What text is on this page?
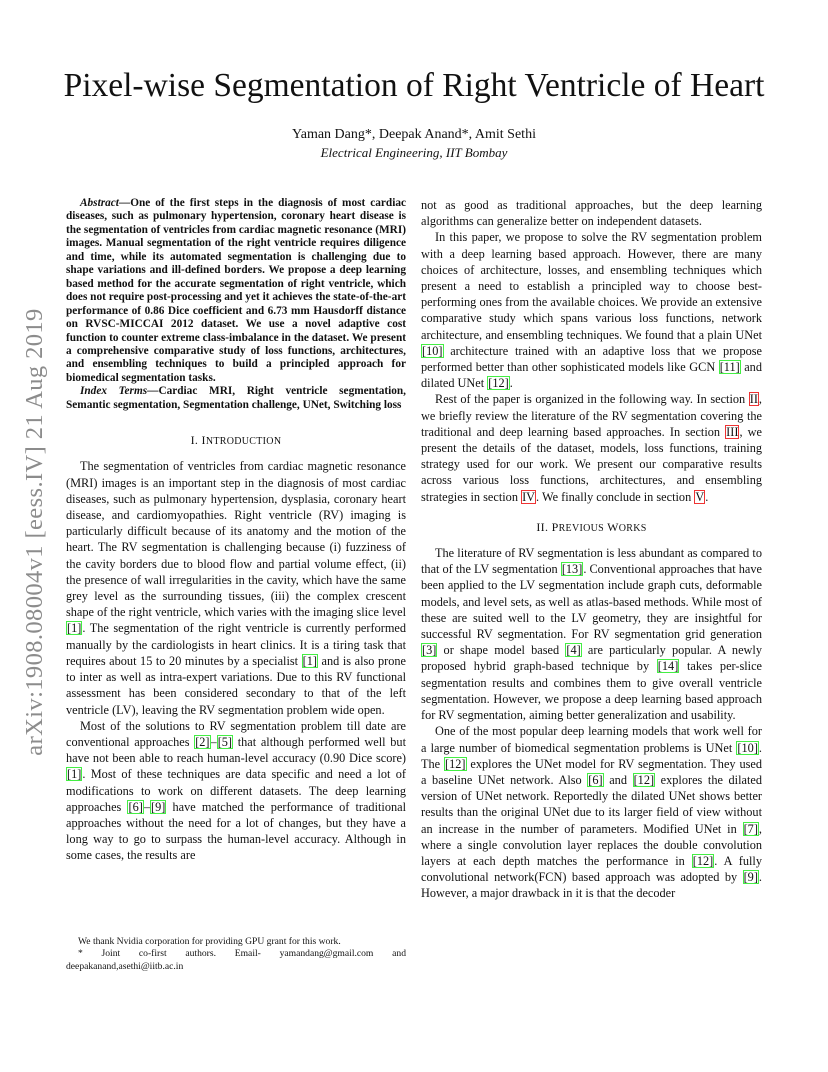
arXiv:1908.08004v1 [eess.IV] 21 Aug 2019
Pixel-wise Segmentation of Right Ventricle of Heart
Yaman Dang*, Deepak Anand*, Amit Sethi
Electrical Engineering, IIT Bombay

Abstract—One of the first steps in the diagnosis of most cardiac diseases, such as pulmonary hypertension, coronary heart disease is the segmentation of ventricles from cardiac magnetic resonance (MRI) images. Manual segmentation of the right ventricle requires diligence and time, while its automated segmentation is challenging due to shape variations and ill-defined borders. We propose a deep learning based method for the accurate segmentation of right ventricle, which does not require post-processing and yet it achieves the state-of-the-art performance of 0.86 Dice coefficient and 6.73 mm Hausdorff distance on RVSC-MICCAI 2012 dataset. We use a novel adaptive cost function to counter extreme class-imbalance in the dataset. We present a comprehensive comparative study of loss functions, architectures, and ensembling techniques to build a principled approach for biomedical segmentation tasks.

Index Terms—Cardiac MRI, Right ventricle segmentation, Semantic segmentation, Segmentation challenge, UNet, Switching loss

I. INTRODUCTION

The segmentation of ventricles from cardiac magnetic resonance (MRI) images is an important step in the diagnosis of most cardiac diseases, such as pulmonary hypertension, dysplasia, coronary heart disease, and cardiomyopathies. Right ventricle (RV) imaging is particularly difficult because of its anatomy and the motion of the heart. The RV segmentation is challenging because (i) fuzziness of the cavity borders due to blood flow and partial volume effect, (ii) the presence of wall irregularities in the cavity, which have the same grey level as the surrounding tissues, (iii) the complex crescent shape of the right ventricle, which varies with the imaging slice level [1]. The segmentation of the right ventricle is currently performed manually by the cardiologists in heart clinics. It is a tiring task that requires about 15 to 20 minutes by a specialist [1] and is also prone to inter as well as intra-expert variations. Due to this RV functional assessment has been considered secondary to that of the left ventricle (LV), leaving the RV segmentation problem wide open.

Most of the solutions to RV segmentation problem till date are conventional approaches [2]–[5] that although performed well but have not been able to reach human-level accuracy (0.90 Dice score) [1]. Most of these techniques are data specific and need a lot of modifications to work on different datasets. The deep learning approaches [6]–[9] have matched the performance of traditional approaches without the need for a lot of changes, but they have a long way to go to surpass the human-level accuracy. Although in some cases, the results are

not as good as traditional approaches, but the deep learning algorithms can generalize better on independent datasets.

In this paper, we propose to solve the RV segmentation problem with a deep learning based approach. However, there are many choices of architecture, losses, and ensembling techniques which present a need to establish a principled way to choose best-performing ones from the available choices. We provide an extensive comparative study which spans various loss functions, network architecture, and ensembling techniques. We found that a plain UNet [10] architecture trained with an adaptive loss that we propose performed better than other sophisticated models like GCN [11] and dilated UNet [12].

Rest of the paper is organized in the following way. In section II, we briefly review the literature of the RV segmentation covering the traditional and deep learning based approaches. In section III, we present the details of the dataset, models, loss functions, training strategy used for our work. We present our comparative results across various loss functions, architectures, and ensembling strategies in section IV. We finally conclude in section V.

II. PREVIOUS WORKS

The literature of RV segmentation is less abundant as compared to that of the LV segmentation [13]. Conventional approaches that have been applied to the LV segmentation include graph cuts, deformable models, and level sets, as well as atlas-based methods. While most of these are suited well to the LV geometry, they are insightful for successful RV segmentation. For RV segmentation grid generation [3] or shape model based [4] are particularly popular. A newly proposed hybrid graph-based technique by [14] takes per-slice segmentation results and combines them to give overall ventricle segmentation. However, we propose a deep learning based approach for RV segmentation, aiming better generalization and usability.

One of the most popular deep learning models that work well for a large number of biomedical segmentation problems is UNet [10]. The [12] explores the UNet model for RV segmentation. They used a baseline UNet network. Also [6] and [12] explores the dilated version of UNet network. Reportedly the dilated UNet shows better results than the original UNet due to its larger field of view without an increase in the number of parameters. Modified UNet in [7], where a single convolution layer replaces the double convolution layers at each depth matches the performance in [12]. A fully convolutional network(FCN) based approach was adopted by [9]. However, a major drawback in it is that the decoder

We thank Nvidia corporation for providing GPU grant for this work.

* Joint co-first authors. Email- yamandang@gmail.com and deepakanand,asethi@iitb.ac.in
